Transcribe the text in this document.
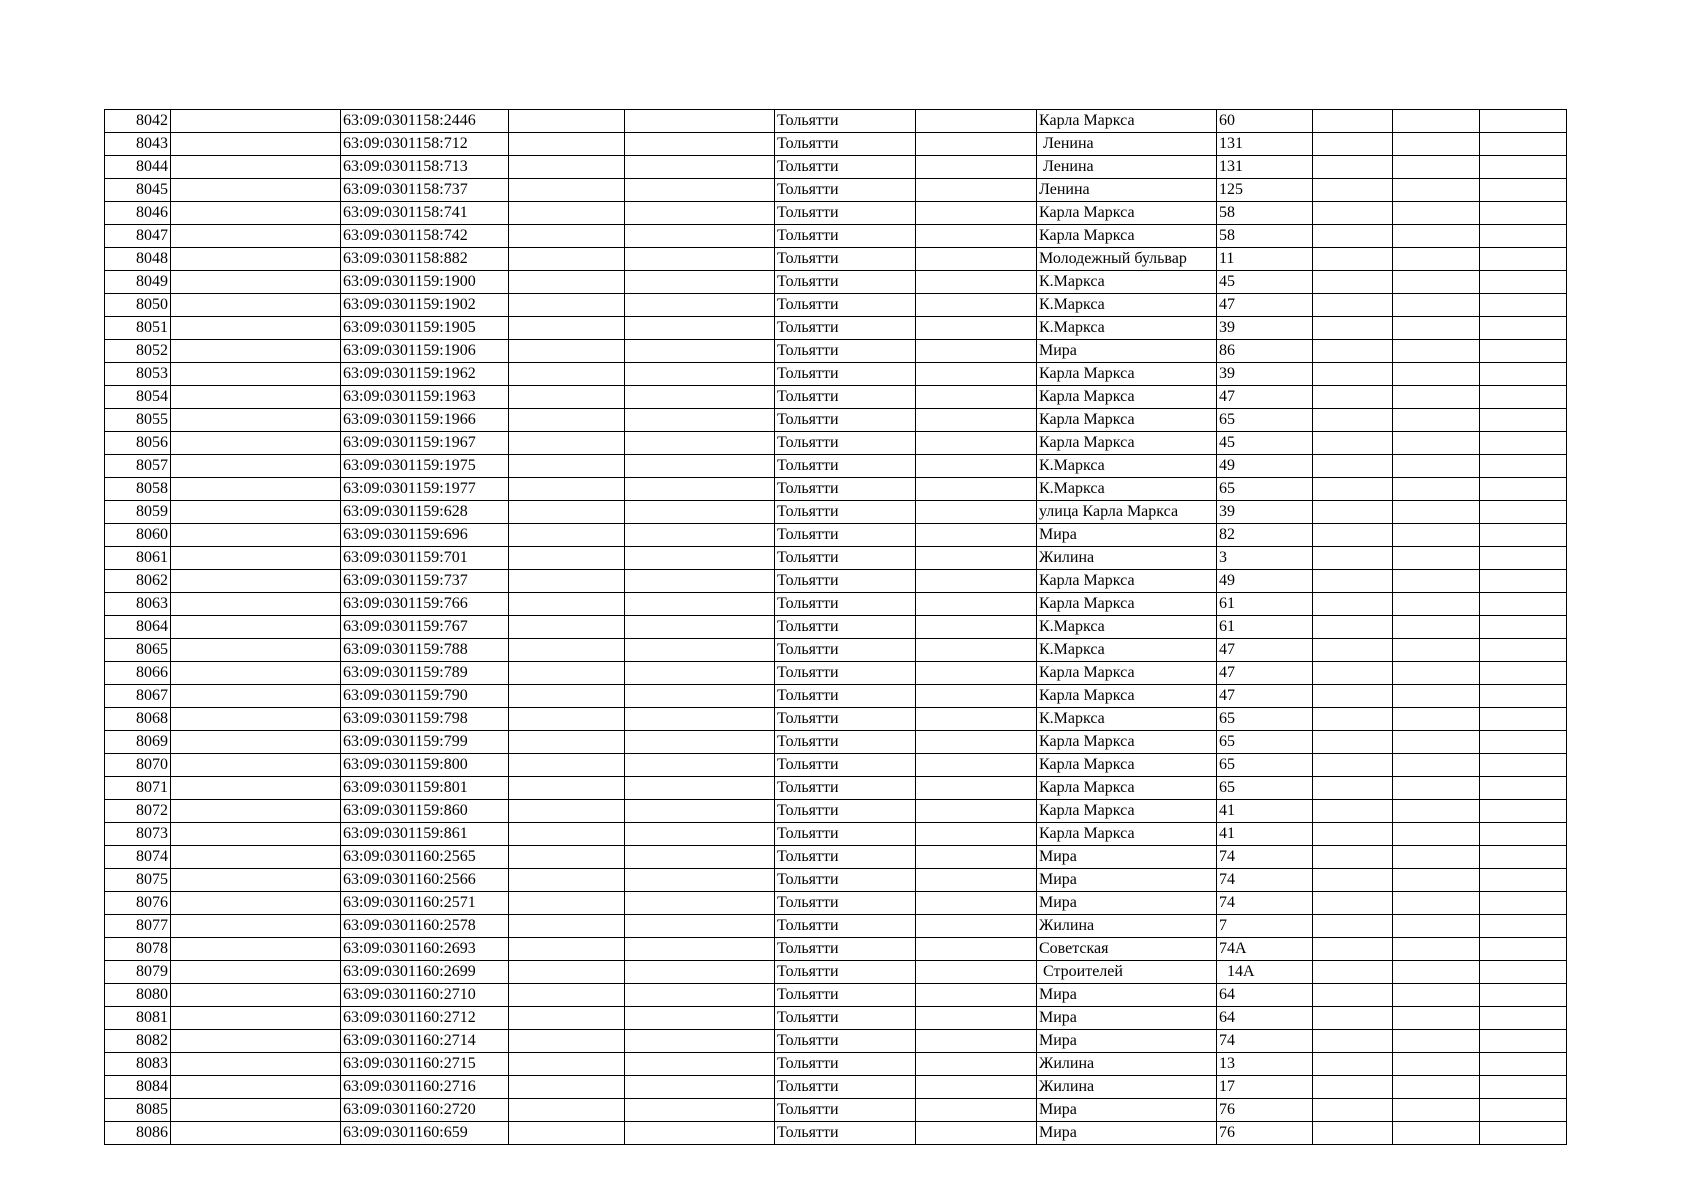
8042		63:09:0301158:2446			Тольятти		Карла Маркса	60			
8043		63:09:0301158:712			Тольятти		Ленина	131			
8044		63:09:0301158:713			Тольятти		Ленина	131			
8045		63:09:0301158:737			Тольятти		Ленина	125			
8046		63:09:0301158:741			Тольятти		Карла Маркса	58			
8047		63:09:0301158:742			Тольятти		Карла Маркса	58			
8048		63:09:0301158:882			Тольятти		Молодежный бульвар	11			
8049		63:09:0301159:1900			Тольятти		К.Маркса	45			
8050		63:09:0301159:1902			Тольятти		К.Маркса	47			
8051		63:09:0301159:1905			Тольятти		К.Маркса	39			
8052		63:09:0301159:1906			Тольятти		Мира	86			
8053		63:09:0301159:1962			Тольятти		Карла Маркса	39			
8054		63:09:0301159:1963			Тольятти		Карла Маркса	47			
8055		63:09:0301159:1966			Тольятти		Карла Маркса	65			
8056		63:09:0301159:1967			Тольятти		Карла Маркса	45			
8057		63:09:0301159:1975			Тольятти		К.Маркса	49			
8058		63:09:0301159:1977			Тольятти		К.Маркса	65			
8059		63:09:0301159:628			Тольятти		улица Карла Маркса	39			
8060		63:09:0301159:696			Тольятти		Мира	82			
8061		63:09:0301159:701			Тольятти		Жилина	3			
8062		63:09:0301159:737			Тольятти		Карла Маркса	49			
8063		63:09:0301159:766			Тольятти		Карла Маркса	61			
8064		63:09:0301159:767			Тольятти		К.Маркса	61			
8065		63:09:0301159:788			Тольятти		К.Маркса	47			
8066		63:09:0301159:789			Тольятти		Карла Маркса	47			
8067		63:09:0301159:790			Тольятти		Карла Маркса	47			
8068		63:09:0301159:798			Тольятти		К.Маркса	65			
8069		63:09:0301159:799			Тольятти		Карла Маркса	65			
8070		63:09:0301159:800			Тольятти		Карла Маркса	65			
8071		63:09:0301159:801			Тольятти		Карла Маркса	65			
8072		63:09:0301159:860			Тольятти		Карла Маркса	41			
8073		63:09:0301159:861			Тольятти		Карла Маркса	41			
8074		63:09:0301160:2565			Тольятти		Мира	74			
8075		63:09:0301160:2566			Тольятти		Мира	74			
8076		63:09:0301160:2571			Тольятти		Мира	74			
8077		63:09:0301160:2578			Тольятти		Жилина	7			
8078		63:09:0301160:2693			Тольятти		Советская	74А			
8079		63:09:0301160:2699			Тольятти		Строителей	14А			
8080		63:09:0301160:2710			Тольятти		Мира	64			
8081		63:09:0301160:2712			Тольятти		Мира	64			
8082		63:09:0301160:2714			Тольятти		Мира	74			
8083		63:09:0301160:2715			Тольятти		Жилина	13			
8084		63:09:0301160:2716			Тольятти		Жилина	17			
8085		63:09:0301160:2720			Тольятти		Мира	76			
8086		63:09:0301160:659			Тольятти		Мира	76			
